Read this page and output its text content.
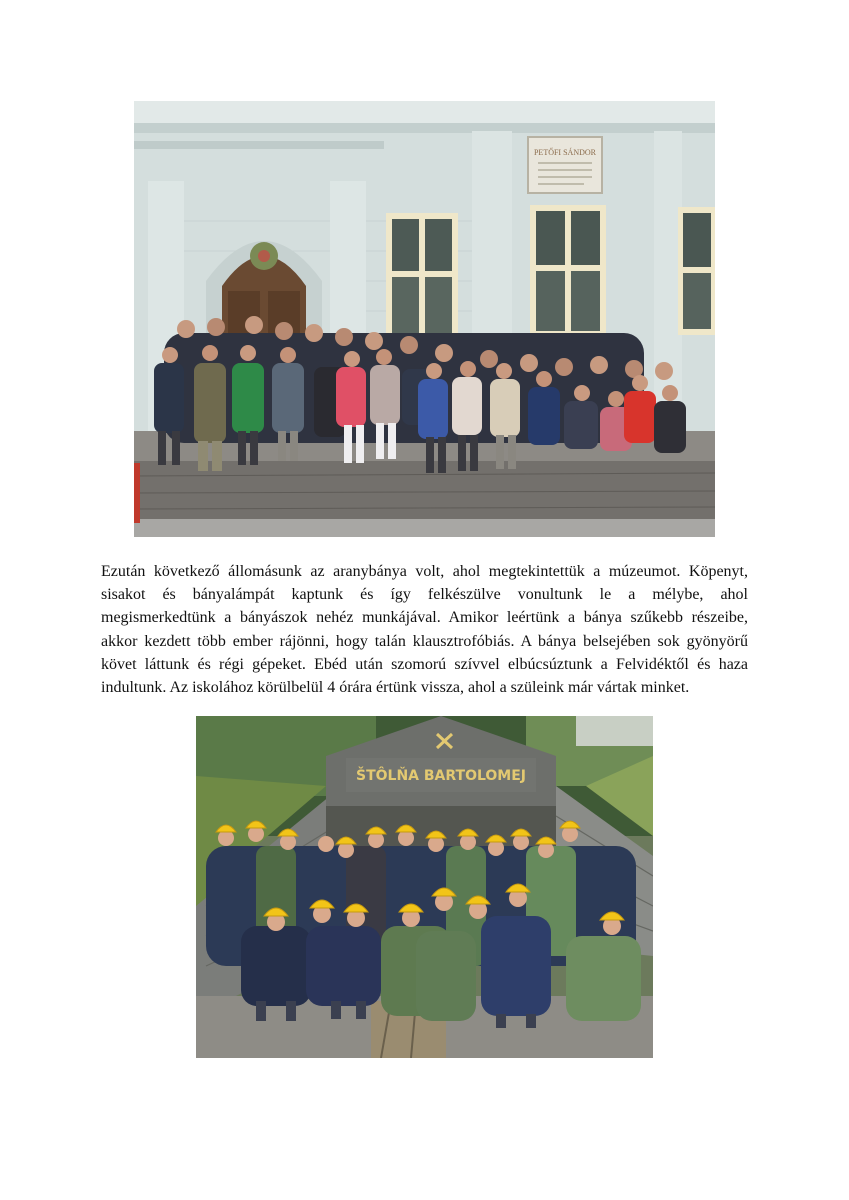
PETŐFI SÁNDOR

Ezután következő állomásunk az aranybánya volt, ahol megtekintettük a múzeumot. Köpenyt,
sisakot és bányalámpát kaptunk és így felkészülve vonultunk le a mélybe, ahol
megismerkedtünk a bányászok nehéz munkájával. Amikor leértünk a bánya szűkebb részeibe,
akkor kezdett több ember rájönni, hogy talán klausztrofóbiás. A bánya belsejében sok gyönyörű
követ láttunk és régi gépeket. Ebéd után szomorú szívvel elbúcsúztunk a Felvidéktől és haza
indultunk. Az iskolához körülbelül 4 órára értünk vissza, ahol a szüleink már vártak minket.

ŠTÔLŇA BARTOLOMEJ
